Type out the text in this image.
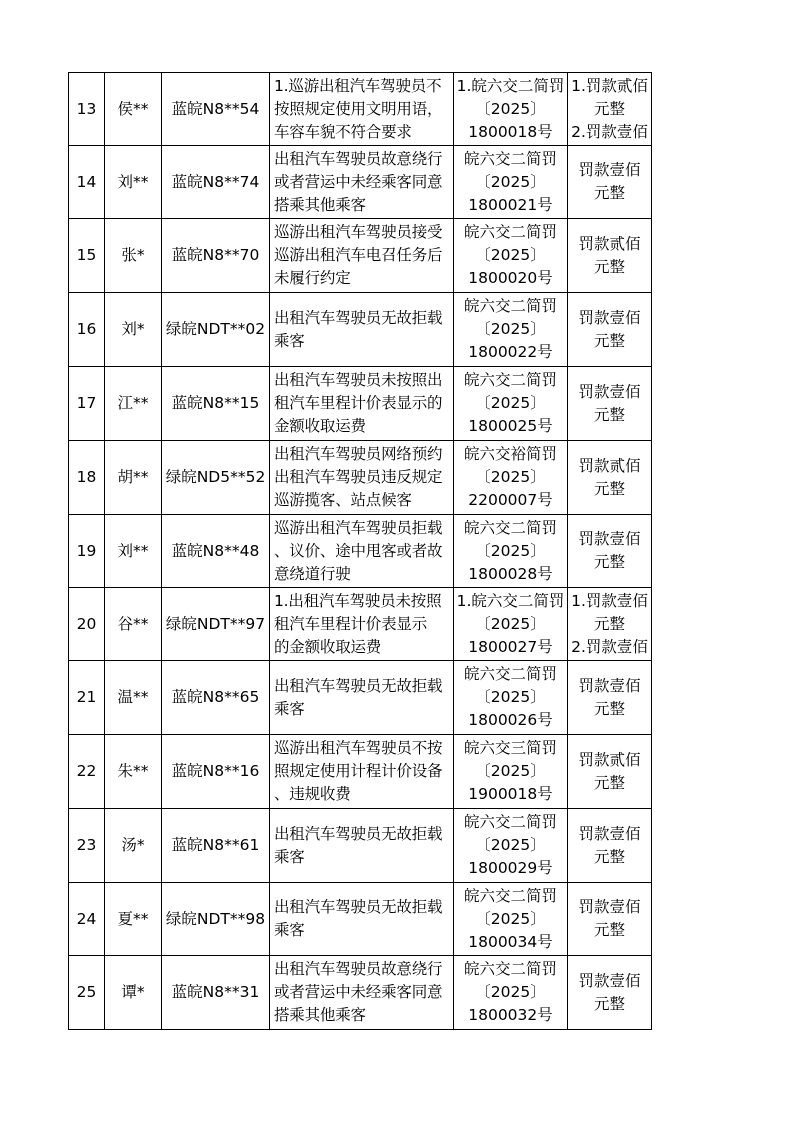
13	侯**	蓝皖N8**54	1.巡游出租汽车驾驶员不
按照规定使用文明用语，
车容车貌不符合要求	1.皖六交二简罚
〔2025〕
1800018号	1.罚款贰佰
元整
2.罚款壹佰

14	刘**	蓝皖N8**74	出租汽车驾驶员故意绕行
或者营运中未经乘客同意
搭乘其他乘客	皖六交二简罚
〔2025〕
1800021号	罚款壹佰
元整

15	张*	蓝皖N8**70	巡游出租汽车驾驶员接受
巡游出租汽车电召任务后
未履行约定	皖六交二简罚
〔2025〕
1800020号	罚款贰佰
元整

16	刘*	绿皖NDT**02	出租汽车驾驶员无故拒载
乘客	皖六交二简罚
〔2025〕
1800022号	罚款壹佰
元整

17	江**	蓝皖N8**15	出租汽车驾驶员未按照出
租汽车里程计价表显示的
金额收取运费	皖六交二简罚
〔2025〕
1800025号	罚款壹佰
元整

18	胡**	绿皖ND5**52	出租汽车驾驶员网络预约
出租汽车驾驶员违反规定
巡游揽客、站点候客	皖六交裕简罚
〔2025〕
2200007号	罚款贰佰
元整

19	刘**	蓝皖N8**48	巡游出租汽车驾驶员拒载
、议价、途中甩客或者故
意绕道行驶	皖六交二简罚
〔2025〕
1800028号	罚款壹佰
元整

20	谷**	绿皖NDT**97	1.出租汽车驾驶员未按照
租汽车里程计价表显示
的金额收取运费	1.皖六交二简罚
〔2025〕
1800027号	1.罚款壹佰
元整
2.罚款壹佰

21	温**	蓝皖N8**65	出租汽车驾驶员无故拒载
乘客	皖六交二简罚
〔2025〕
1800026号	罚款壹佰
元整

22	朱**	蓝皖N8**16	巡游出租汽车驾驶员不按
照规定使用计程计价设备
、违规收费	皖六交三简罚
〔2025〕
1900018号	罚款贰佰
元整

23	汤*	蓝皖N8**61	出租汽车驾驶员无故拒载
乘客	皖六交二简罚
〔2025〕
1800029号	罚款壹佰
元整

24	夏**	绿皖NDT**98	出租汽车驾驶员无故拒载
乘客	皖六交二简罚
〔2025〕
1800034号	罚款壹佰
元整

25	谭*	蓝皖N8**31	出租汽车驾驶员故意绕行
或者营运中未经乘客同意
搭乘其他乘客	皖六交二简罚
〔2025〕
1800032号	罚款壹佰
元整
